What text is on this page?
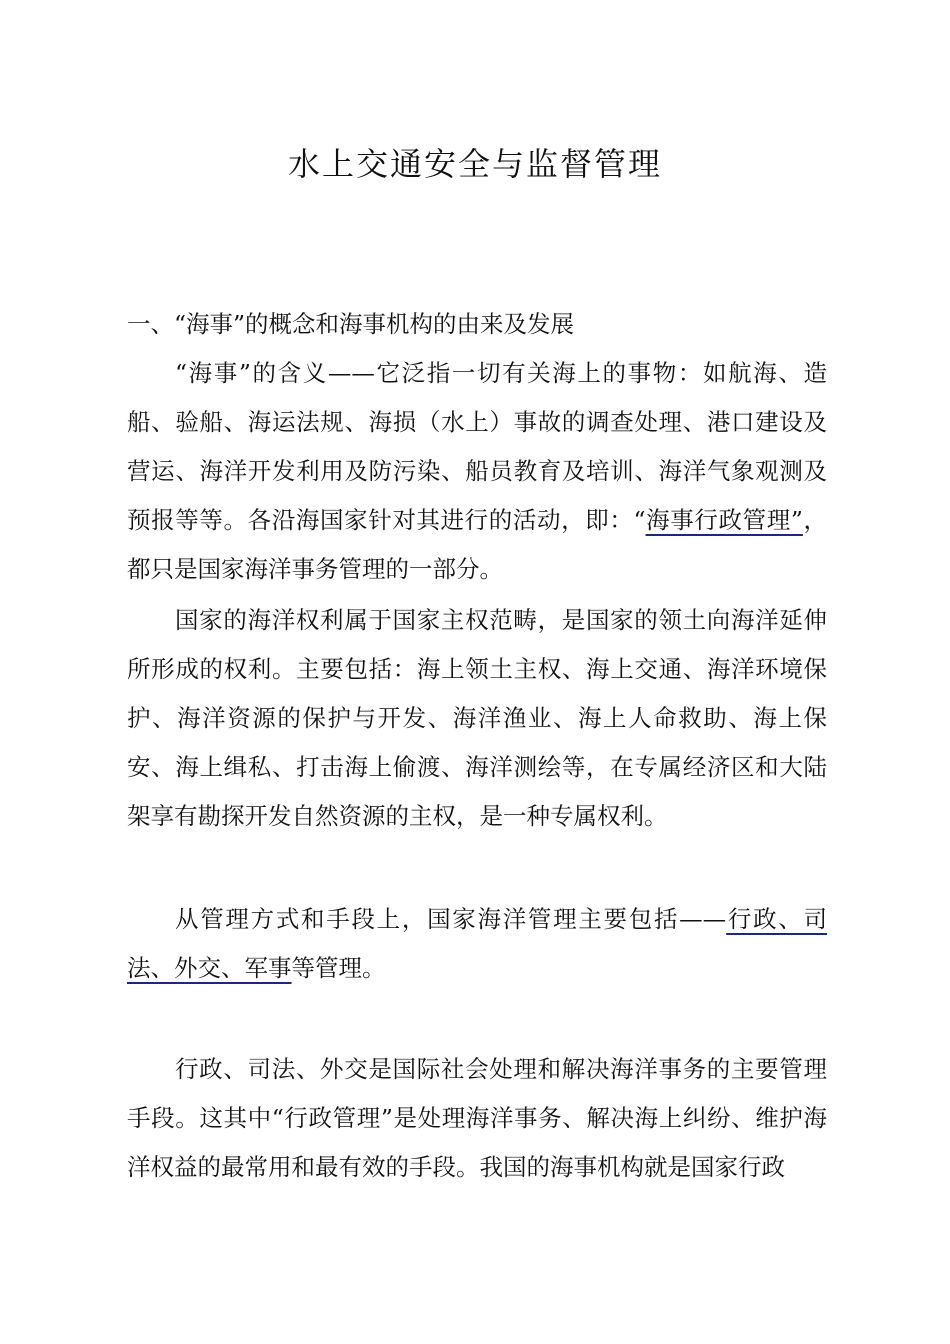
水上交通安全与监督管理

一、“海事”的概念和海事机构的由来及发展

“海事”的含义——它泛指一切有关海上的事物：如航海、造船、验船、海运法规、海损（水上）事故的调查处理、港口建设及营运、海洋开发利用及防污染、船员教育及培训、海洋气象观测及预报等等。各沿海国家针对其进行的活动，即：“海事行政管理”，都只是国家海洋事务管理的一部分。

国家的海洋权利属于国家主权范畴，是国家的领土向海洋延伸所形成的权利。主要包括：海上领土主权、海上交通、海洋环境保护、海洋资源的保护与开发、海洋渔业、海上人命救助、海上保安、海上缉私、打击海上偷渡、海洋测绘等，在专属经济区和大陆架享有勘探开发自然资源的主权，是一种专属权利。

从管理方式和手段上，国家海洋管理主要包括——行政、司法、外交、军事等管理。

行政、司法、外交是国际社会处理和解决海洋事务的主要管理手段。这其中“行政管理”是处理海洋事务、解决海上纠纷、维护海洋权益的最常用和最有效的手段。我国的海事机构就是国家行政
